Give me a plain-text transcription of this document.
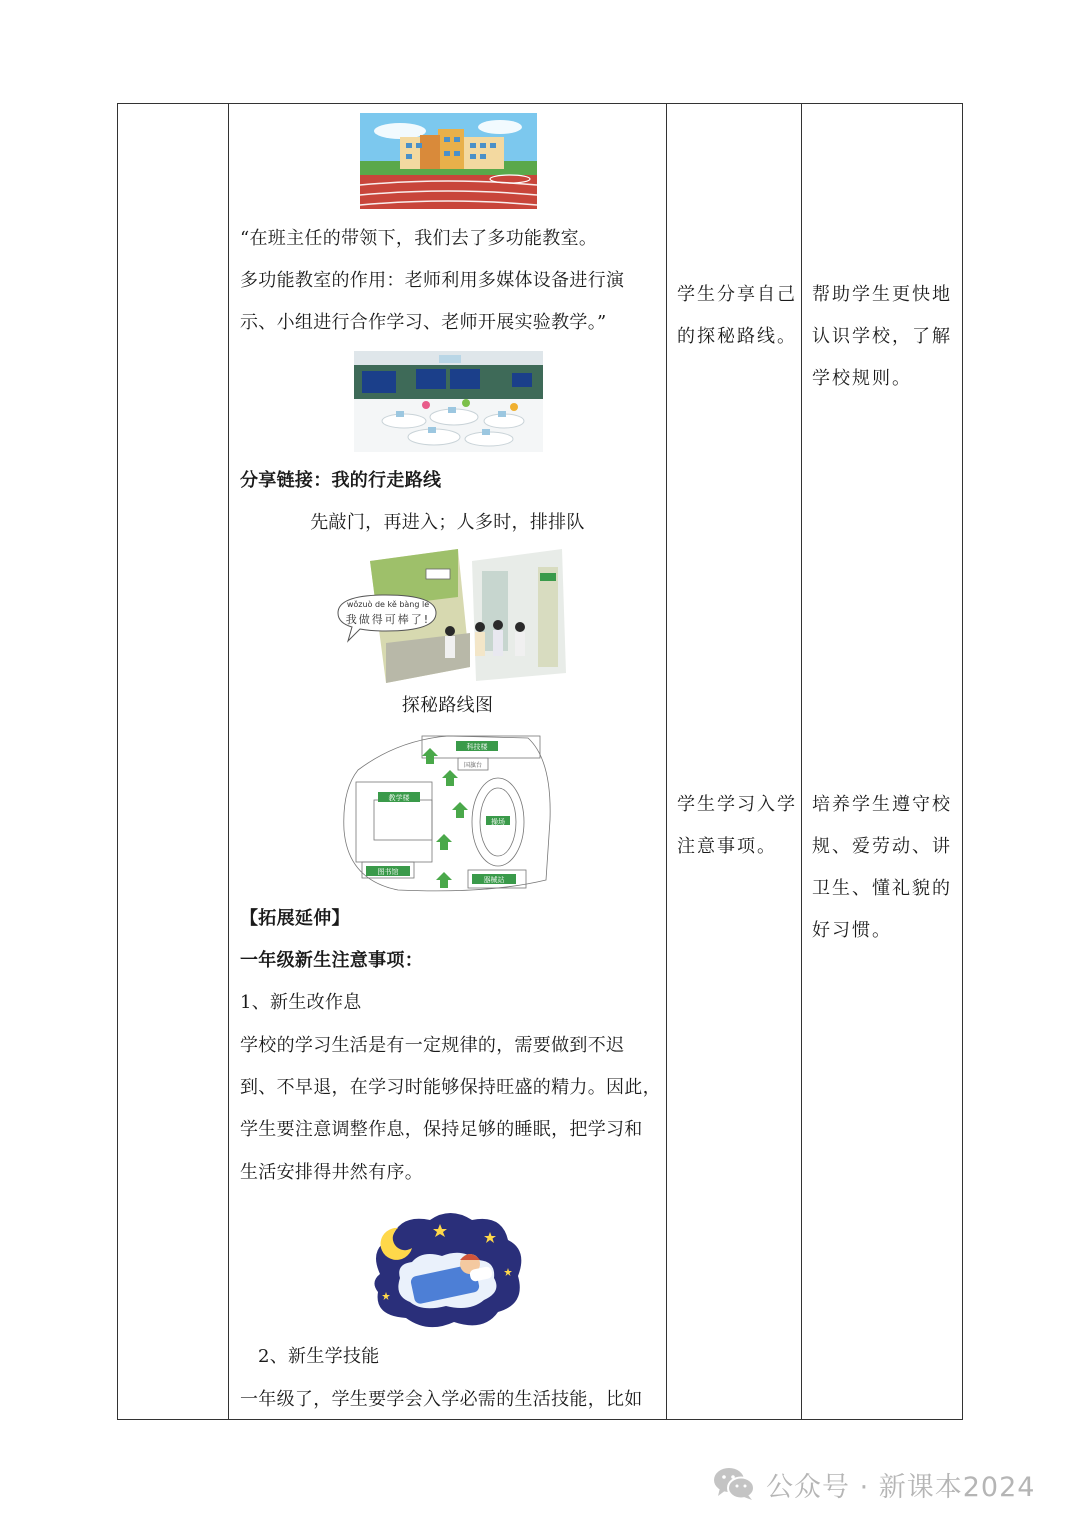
“在班主任的带领下，我们去了多功能教室。
多功能教室的作用：老师利用多媒体设备进行演
示、小组进行合作学习、老师开展实验教学。”
分享链接：我的行走路线
先敲门，再进入；人多时，排排队
wǒzuò de kě bàng le
我做得可棒了!
探秘路线图
科技楼
教学楼
操场
图书馆
器械站
国旗台
【拓展延伸】
一年级新生注意事项：
1、新生改作息
学校的学习生活是有一定规律的，需要做到不迟
到、不早退，在学习时能够保持旺盛的精力。因此，
学生要注意调整作息，保持足够的睡眠，把学习和
生活安排得井然有序。
2、新生学技能
一年级了，学生要学会入学必需的生活技能，比如
学生分享自己
的探秘路线。
学生学习入学
注意事项。
帮助学生更快地
认识学校，了解
学校规则。
培养学生遵守校
规、爱劳动、讲
卫生、懂礼貌的
好习惯。
公众号 · 新课本2024
